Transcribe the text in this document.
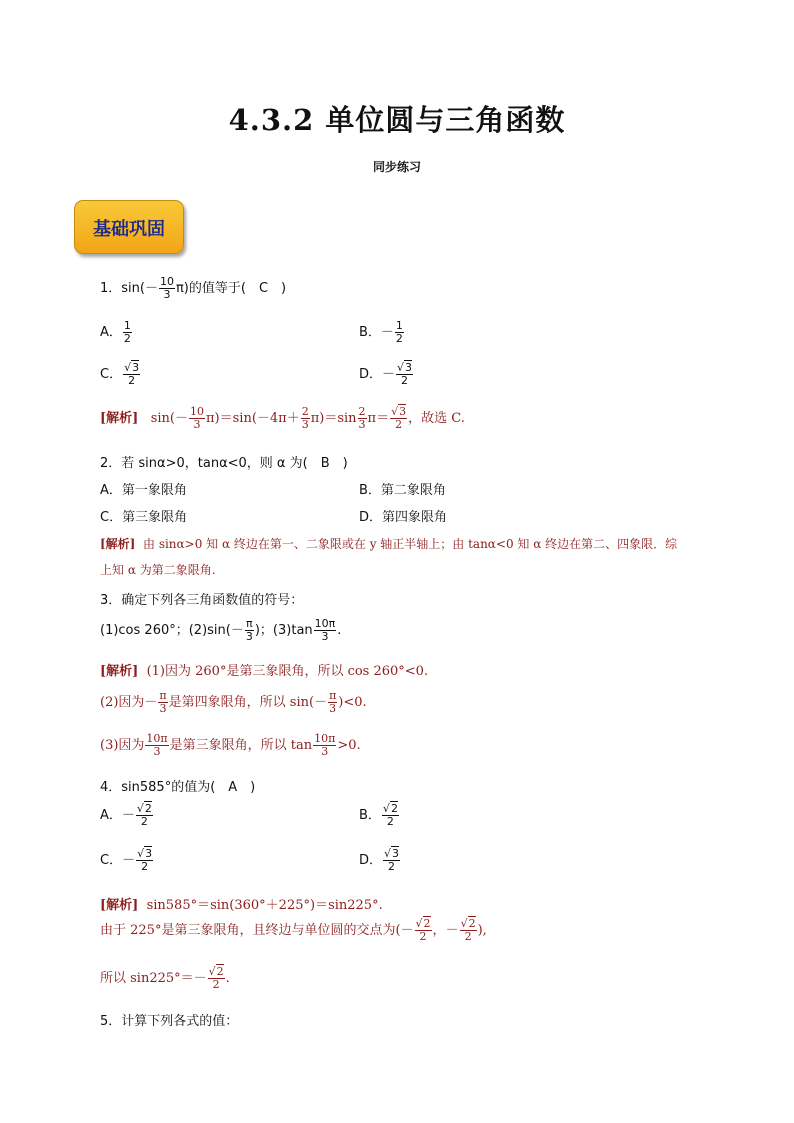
4.3.2 单位圆与三角函数
同步练习
基础巩固
1．$\sin(- \frac{10}{3} \pi)$的值等于(　C　)
A． $\frac{1}{2}$	B．－ $\frac{1}{2}$
C． $\frac{√3}{2}$	D．－ $\frac{√3}{2}$
[解析] $\sin(- \frac{10}{3} \pi)=\sin(-4\pi+ \frac{2}{3} \pi)=\sin \frac{2}{3} \pi= \frac{√3}{2}$ ，故选 C.
2．若 sinα>0，tanα<0，则 α 为(　B　)
A．第一象限角	B．第二象限角
C．第三象限角	D．第四象限角
[解析] 由 sinα>0 知 α 终边在第一、二象限或在 y 轴正半轴上；由 tanα<0 知 α 终边在第二、四象限．综
上知 α 为第二象限角.
3．确定下列各三角函数值的符号：
(1)cos 260°；$(2)\sin(- \frac{\pi}{3}$ )；$(3)\tan \frac{10\pi}{3}$ .
[解析] (1)因为 260°是第三象限角，所以 cos 260°<0.
(2)因为－ $\frac{\pi}{3}$ 是第四象限角，所以 $\sin(- \frac{\pi}{3} )<0$.
(3)因为 $\frac{10\pi}{3}$ 是第三象限角，所以 $\tan \frac{10\pi}{3} >0$.
4．sin585°的值为(　A　)
A．－ $\frac{√2}{2}$	B． $\frac{√2}{2}$
C．－ $\frac{√3}{2}$	D． $\frac{√3}{2}$
[解析] sin585°＝sin(360°＋225°)＝sin225°.
由于 225°是第三象限角，且终边与单位圆的交点为(－ $\frac{√2}{2}$ ，－ $\frac{√2}{2}$ ),
所以 $\sin 225^\circ=- \frac{√2}{2}$ .
5．计算下列各式的值：
